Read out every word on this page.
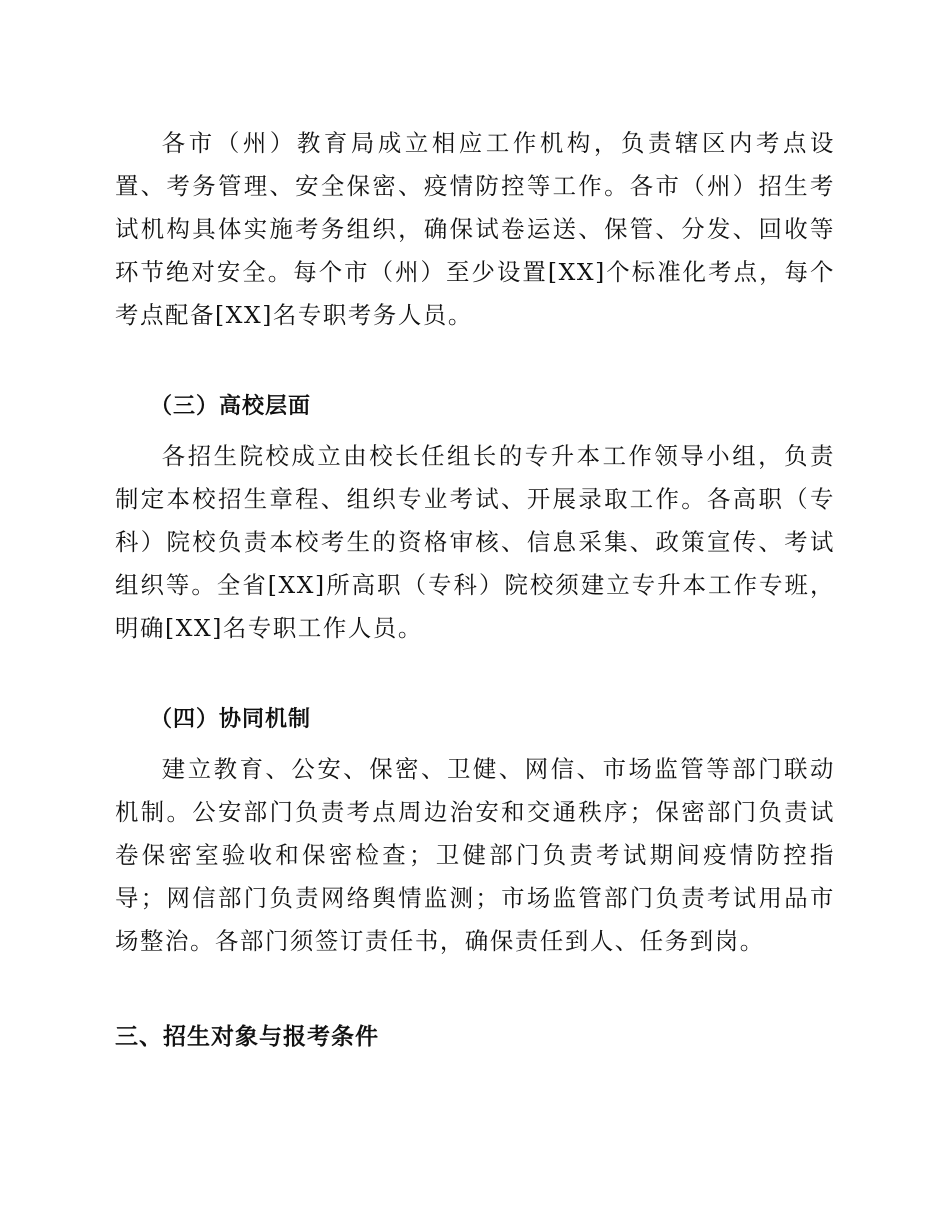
各市（州）教育局成立相应工作机构，负责辖区内考点设置、考务管理、安全保密、疫情防控等工作。各市（州）招生考试机构具体实施考务组织，确保试卷运送、保管、分发、回收等环节绝对安全。每个市（州）至少设置[XX]个标准化考点，每个考点配备[XX]名专职考务人员。

（三）高校层面

各招生院校成立由校长任组长的专升本工作领导小组，负责制定本校招生章程、组织专业考试、开展录取工作。各高职（专科）院校负责本校考生的资格审核、信息采集、政策宣传、考试组织等。全省[XX]所高职（专科）院校须建立专升本工作专班，明确[XX]名专职工作人员。

（四）协同机制

建立教育、公安、保密、卫健、网信、市场监管等部门联动机制。公安部门负责考点周边治安和交通秩序；保密部门负责试卷保密室验收和保密检查；卫健部门负责考试期间疫情防控指导；网信部门负责网络舆情监测；市场监管部门负责考试用品市场整治。各部门须签订责任书，确保责任到人、任务到岗。

三、招生对象与报考条件
